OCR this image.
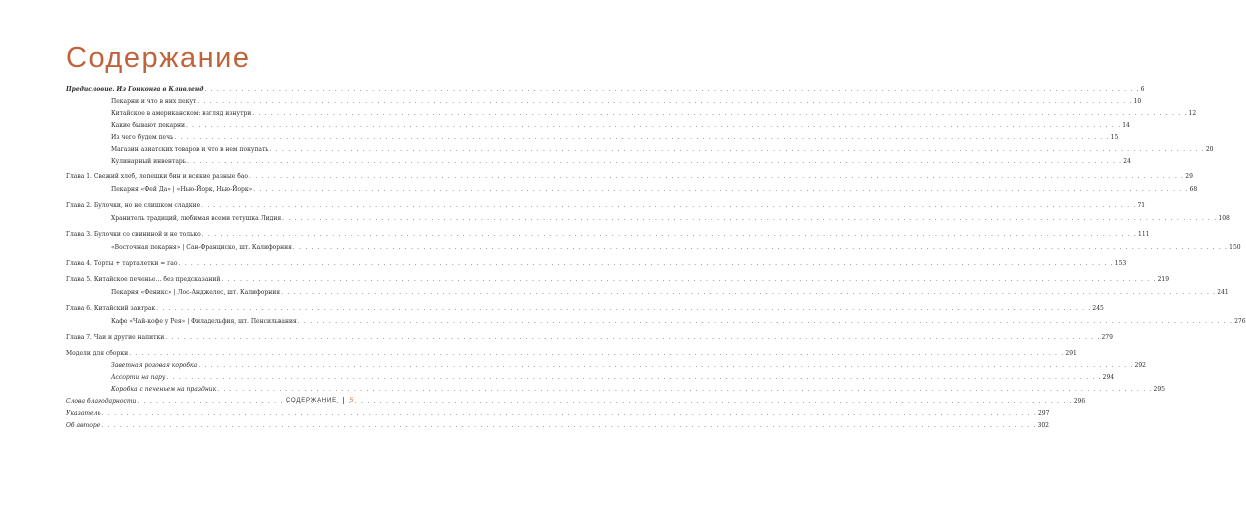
Содержание
Предисловие. Из Гонконга в Кливленд . . .	6
Пекарни и что в них пекут . . .	10
Китайское в американском: взгляд изнутри . . .	12
Какие бывают пекарни . . .	14
Из чего будем печь . . .	15
Магазин азиатских товаров и что в нем покупать . . .	20
Кулинарный инвентарь . . .	24
Глава 1. Свежий хлеб, лепешки бин и всякие разные бао . . .	29
Пекарня «Фей Да» | «Нью-Йорк, Нью-Йорк» . . .	68
Глава 2. Булочки, но не слишком сладкие . . .	71
Хранитель традиций, любимая всеми тетушка Лидия . . .	108
Глава 3. Булочки со свининой и не только . . .	111
«Восточная пекарня» | Сан-Франциско, шт. Калифорния . . .	150
Глава 4. Торты + тарталетки = гао . . .	153
Глава 5. Китайское печенье… без предсказаний . . .	219
Пекарня «Феникс» | Лос-Анджелес, шт. Калифорния . . .	241
Глава 6. Китайский завтрак . . .	245
Кафе «Чай-кофе у Рея» | Филадельфия, шт. Пенсильвания . . .	276
Глава 7. Чаи и другие напитки . . .	279
Модели для сборки . . .	291
Заветная розовая коробка . . .	292
Ассорти на пару . . .	294
Коробка с печеньем на праздник . . .	295
Слова благодарности . . .	296
Указатель . . .	297
Об авторе . . .	302
СОДЕРЖАНИЕ 5
